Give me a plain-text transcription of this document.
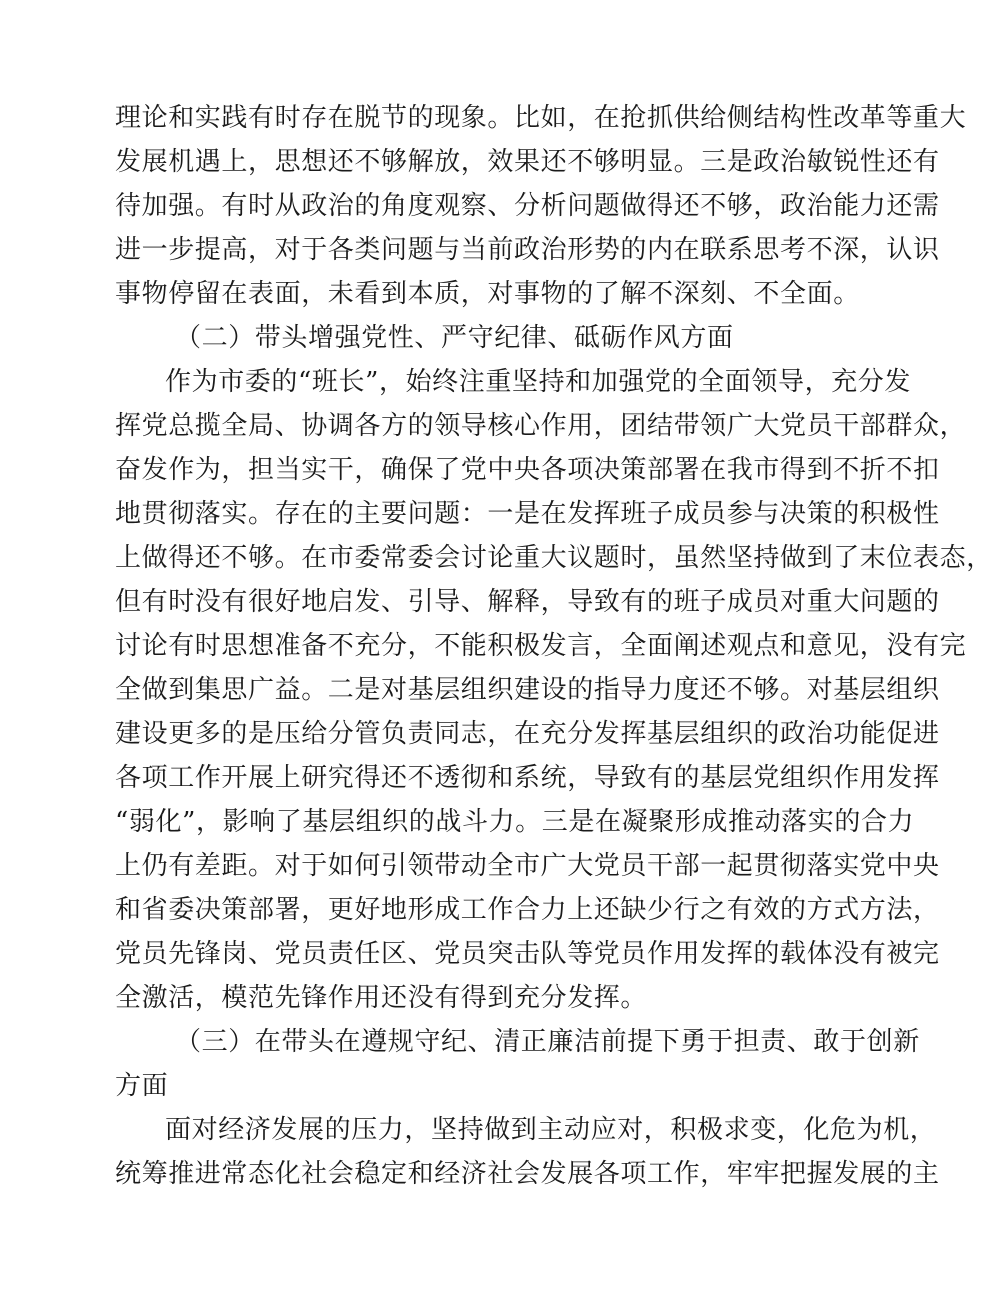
理论和实践有时存在脱节的现象。比如，在抢抓供给侧结构性改革等重大
发展机遇上，思想还不够解放，效果还不够明显。三是政治敏锐性还有
待加强。有时从政治的角度观察、分析问题做得还不够，政治能力还需
进一步提高，对于各类问题与当前政治形势的内在联系思考不深，认识
事物停留在表面，未看到本质，对事物的了解不深刻、不全面。
（二）带头增强党性、严守纪律、砥砺作风方面
作为市委的“班长”，始终注重坚持和加强党的全面领导，充分发
挥党总揽全局、协调各方的领导核心作用，团结带领广大党员干部群众，
奋发作为，担当实干，确保了党中央各项决策部署在我市得到不折不扣
地贯彻落实。存在的主要问题：一是在发挥班子成员参与决策的积极性
上做得还不够。在市委常委会讨论重大议题时，虽然坚持做到了末位表态，
但有时没有很好地启发、引导、解释，导致有的班子成员对重大问题的
讨论有时思想准备不充分，不能积极发言，全面阐述观点和意见，没有完
全做到集思广益。二是对基层组织建设的指导力度还不够。对基层组织
建设更多的是压给分管负责同志，在充分发挥基层组织的政治功能促进
各项工作开展上研究得还不透彻和系统，导致有的基层党组织作用发挥
“弱化”，影响了基层组织的战斗力。三是在凝聚形成推动落实的合力
上仍有差距。对于如何引领带动全市广大党员干部一起贯彻落实党中央
和省委决策部署，更好地形成工作合力上还缺少行之有效的方式方法，
党员先锋岗、党员责任区、党员突击队等党员作用发挥的载体没有被完
全激活，模范先锋作用还没有得到充分发挥。
（三）在带头在遵规守纪、清正廉洁前提下勇于担责、敢于创新
方面
面对经济发展的压力，坚持做到主动应对，积极求变，化危为机，
统筹推进常态化社会稳定和经济社会发展各项工作，牢牢把握发展的主
